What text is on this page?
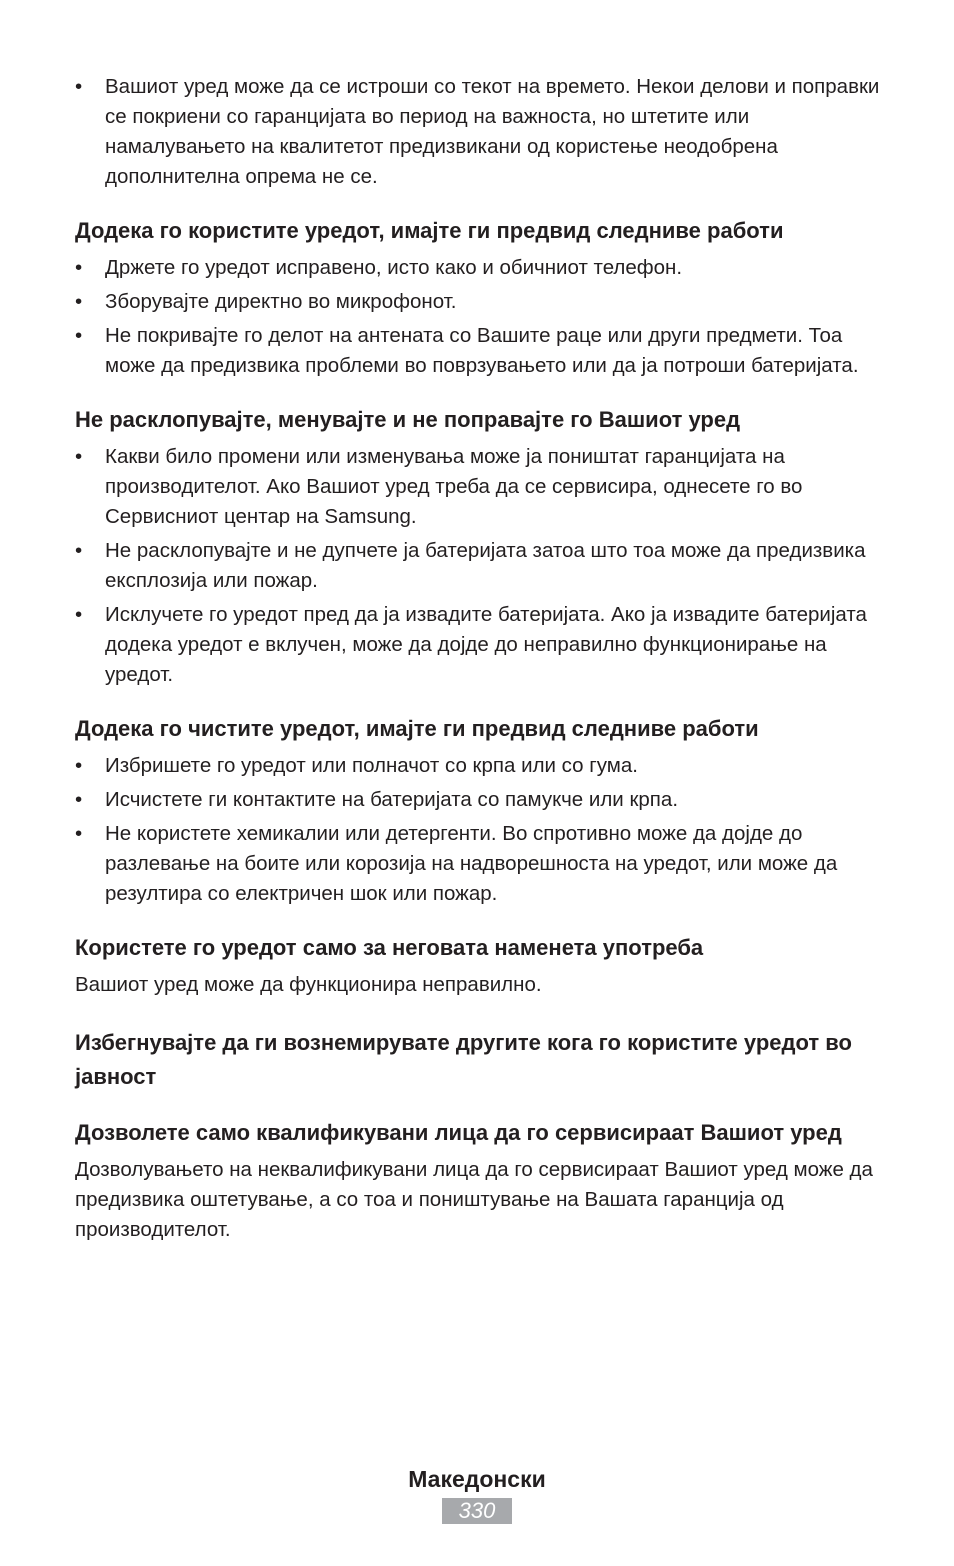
• Вашиот уред може да се истроши со текот на времето. Некои делови и поправки се покриени со гаранцијата во период на важноста, но штетите или намалувањето на квалитетот предизвикани од користење неодобрена дополнителна опрема не се.
Додека го користите уредот, имајте ги предвид следниве работи
• Држете го уредот исправено, исто како и обичниот телефон.
• Зборувајте директно во микрофонот.
• Не покривајте го делот на антената со Вашите раце или други предмети. Тоа може да предизвика проблеми во поврзувањето или да ја потроши батеријата.
Не расклопувајте, менувајте и не поправајте го Вашиот уред
• Какви било промени или изменувања може ја поништат гаранцијата на производителот. Ако Вашиот уред треба да се сервисира, однесете го во Сервисниот центар на Samsung.
• Не расклопувајте и не дупчете ја батеријата затоа што тоа може да предизвика експлозија или пожар.
• Исклучете го уредот пред да ја извадите батеријата. Ако ја извадите батеријата додека уредот е вклучен, може да дојде до неправилно функционирање на уредот.
Додека го чистите уредот, имајте ги предвид следниве работи
• Избришете го уредот или полначот со крпа или со гума.
• Исчистете ги контактите на батеријата со памукче или крпа.
• Не користете хемикалии или детергенти. Во спротивно може да дојде до разлевање на боите или корозија на надворешноста на уредот, или може да резултира со електричен шок или пожар.
Користете го уредот само за неговата наменета употреба

Вашиот уред може да функционира неправилно.

Избегнувајте да ги вознемирувате другите кога го користите уредот во јавност
Дозволете само квалификувани лица да го сервисираат Вашиот уред

Дозволувањето на неквалификувани лица да го сервисираат Вашиот уред може да предизвика оштетување, а со тоа и поништување на Вашата гаранција од производителот.

Македонски
330
